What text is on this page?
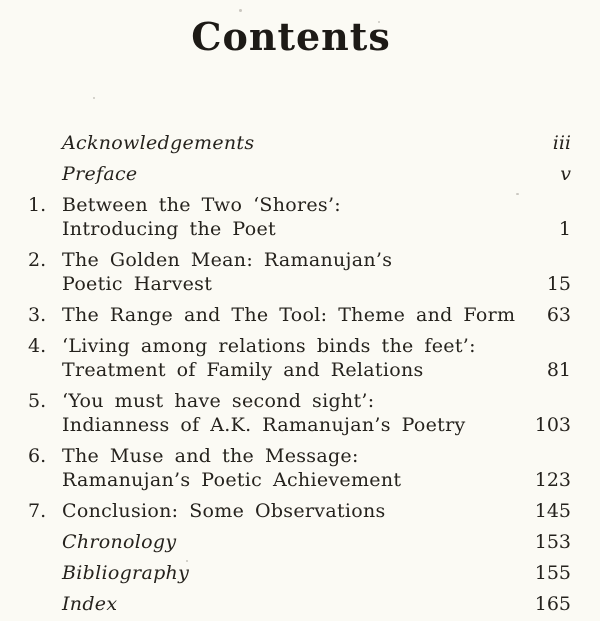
Contents
Acknowledgements	iii
Preface	v
1. Between the Two ‘Shores’:
Introducing the Poet	1
2. The Golden Mean: Ramanujan’s
Poetic Harvest	15
3. The Range and The Tool: Theme and Form	63
4. ‘Living among relations binds the feet’:
Treatment of Family and Relations	81
5. ‘You must have second sight’:
Indianness of A.K. Ramanujan’s Poetry	103
6. The Muse and the Message:
Ramanujan’s Poetic Achievement	123
7. Conclusion: Some Observations	145
Chronology	153
Bibliography	155
Index	165
